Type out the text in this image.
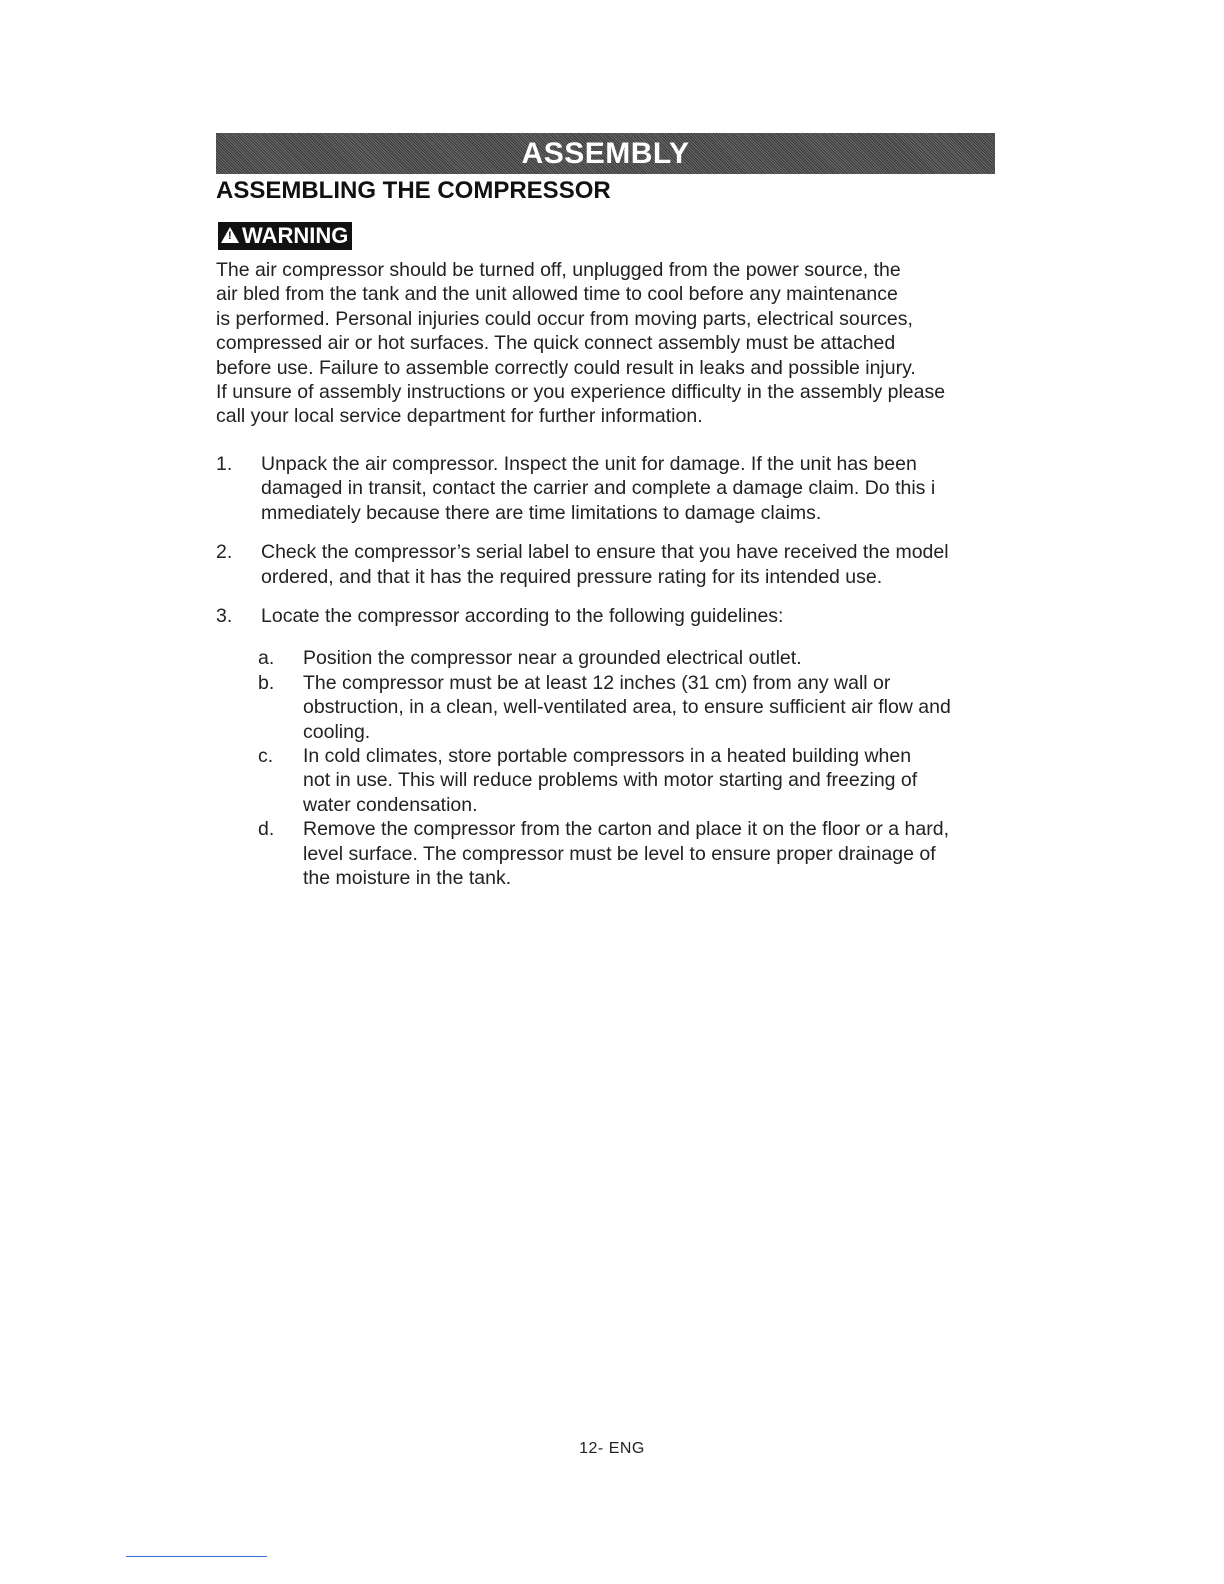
ASSEMBLY
ASSEMBLING THE COMPRESSOR
! WARNING

The air compressor should be turned off, unplugged from the power source, the
air bled from the tank and the unit allowed time to cool before any maintenance
is performed. Personal injuries could occur from moving parts, electrical sources,
compressed air or hot surfaces. The quick connect assembly must be attached
before use. Failure to assemble correctly could result in leaks and possible injury.
If unsure of assembly instructions or you experience difficulty in the assembly please
call your local service department for further information.

1.	Unpack the air compressor. Inspect the unit for damage. If the unit has been
damaged in transit, contact the carrier and complete a damage claim. Do this i
mmediately because there are time limitations to damage claims.
2.	Check the compressor’s serial label to ensure that you have received the model
ordered, and that it has the required pressure rating for its intended use.
3.	Locate the compressor according to the following guidelines:
a.	Position the compressor near a grounded electrical outlet.
b.	The compressor must be at least 12 inches (31 cm) from any wall or
obstruction, in a clean, well-ventilated area, to ensure sufficient air flow and
cooling.
c.	In cold climates, store portable compressors in a heated building when
not in use. This will reduce problems with motor starting and freezing of
water condensation.
d.	Remove the compressor from the carton and place it on the floor or a hard,
level surface. The compressor must be level to ensure proper drainage of
the moisture in the tank.
12- ENG
